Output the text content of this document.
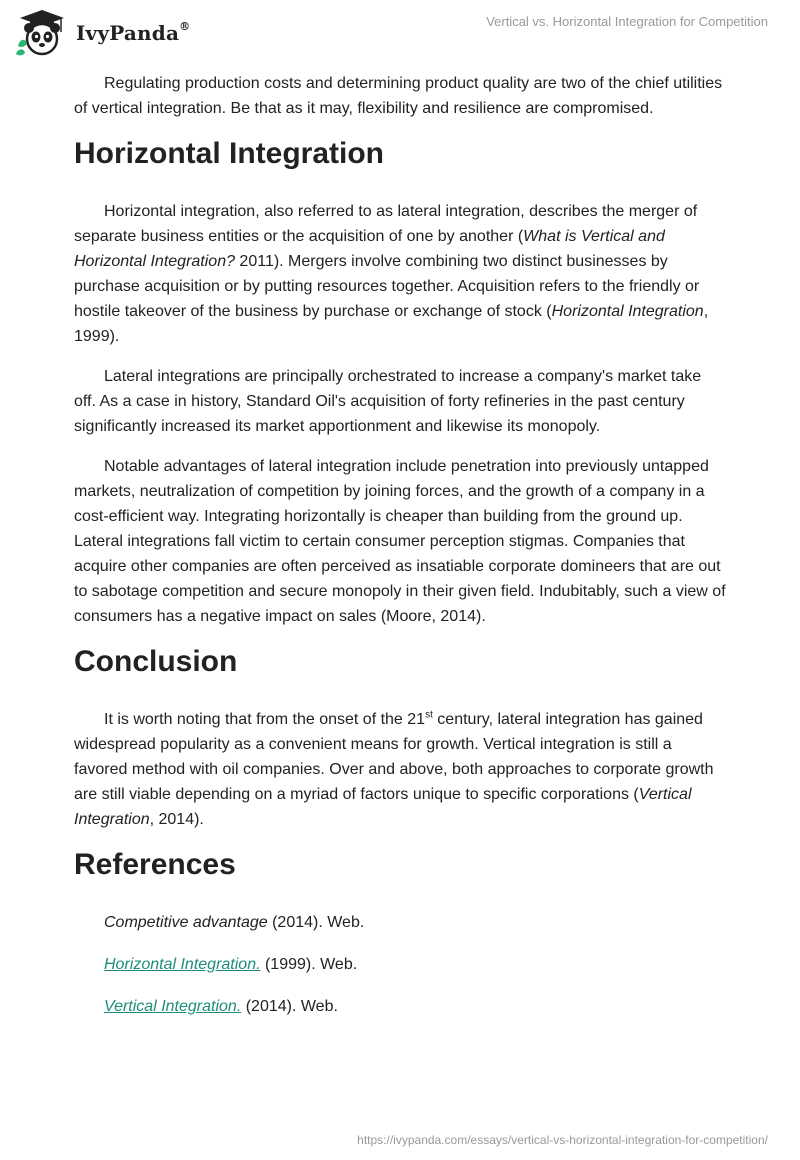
IvyPanda®	Vertical vs. Horizontal Integration for Competition

Regulating production costs and determining product quality are two of the chief utilities of vertical integration. Be that as it may, flexibility and resilience are compromised.

Horizontal Integration

Horizontal integration, also referred to as lateral integration, describes the merger of separate business entities or the acquisition of one by another (What is Vertical and Horizontal Integration? 2011). Mergers involve combining two distinct businesses by purchase acquisition or by putting resources together. Acquisition refers to the friendly or hostile takeover of the business by purchase or exchange of stock (Horizontal Integration, 1999).

Lateral integrations are principally orchestrated to increase a company's market take off. As a case in history, Standard Oil's acquisition of forty refineries in the past century significantly increased its market apportionment and likewise its monopoly.

Notable advantages of lateral integration include penetration into previously untapped markets, neutralization of competition by joining forces, and the growth of a company in a cost-efficient way. Integrating horizontally is cheaper than building from the ground up. Lateral integrations fall victim to certain consumer perception stigmas. Companies that acquire other companies are often perceived as insatiable corporate domineers that are out to sabotage competition and secure monopoly in their given field. Indubitably, such a view of consumers has a negative impact on sales (Moore, 2014).

Conclusion

It is worth noting that from the onset of the 21st century, lateral integration has gained widespread popularity as a convenient means for growth. Vertical integration is still a favored method with oil companies. Over and above, both approaches to corporate growth are still viable depending on a myriad of factors unique to specific corporations (Vertical Integration, 2014).

References
Competitive advantage (2014). Web.
Horizontal Integration. (1999). Web.
Vertical Integration. (2014). Web.
https://ivypanda.com/essays/vertical-vs-horizontal-integration-for-competition/
